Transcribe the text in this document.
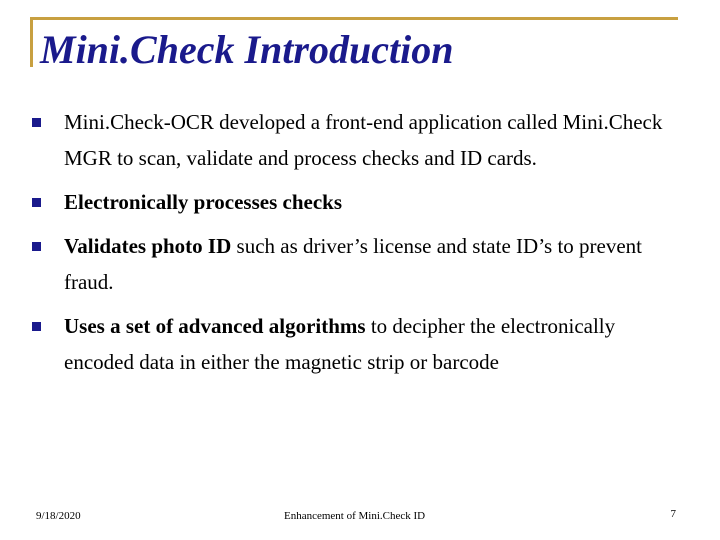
Mini.Check Introduction
Mini.Check-OCR developed a front-end application called Mini.Check MGR to scan, validate and process checks and ID cards.
Electronically processes checks
Validates photo ID such as driver’s license and state ID’s to prevent fraud.
Uses a set of advanced algorithms to decipher the electronically encoded data in either the magnetic strip or barcode
9/18/2020	Enhancement of Mini.Check ID	7
